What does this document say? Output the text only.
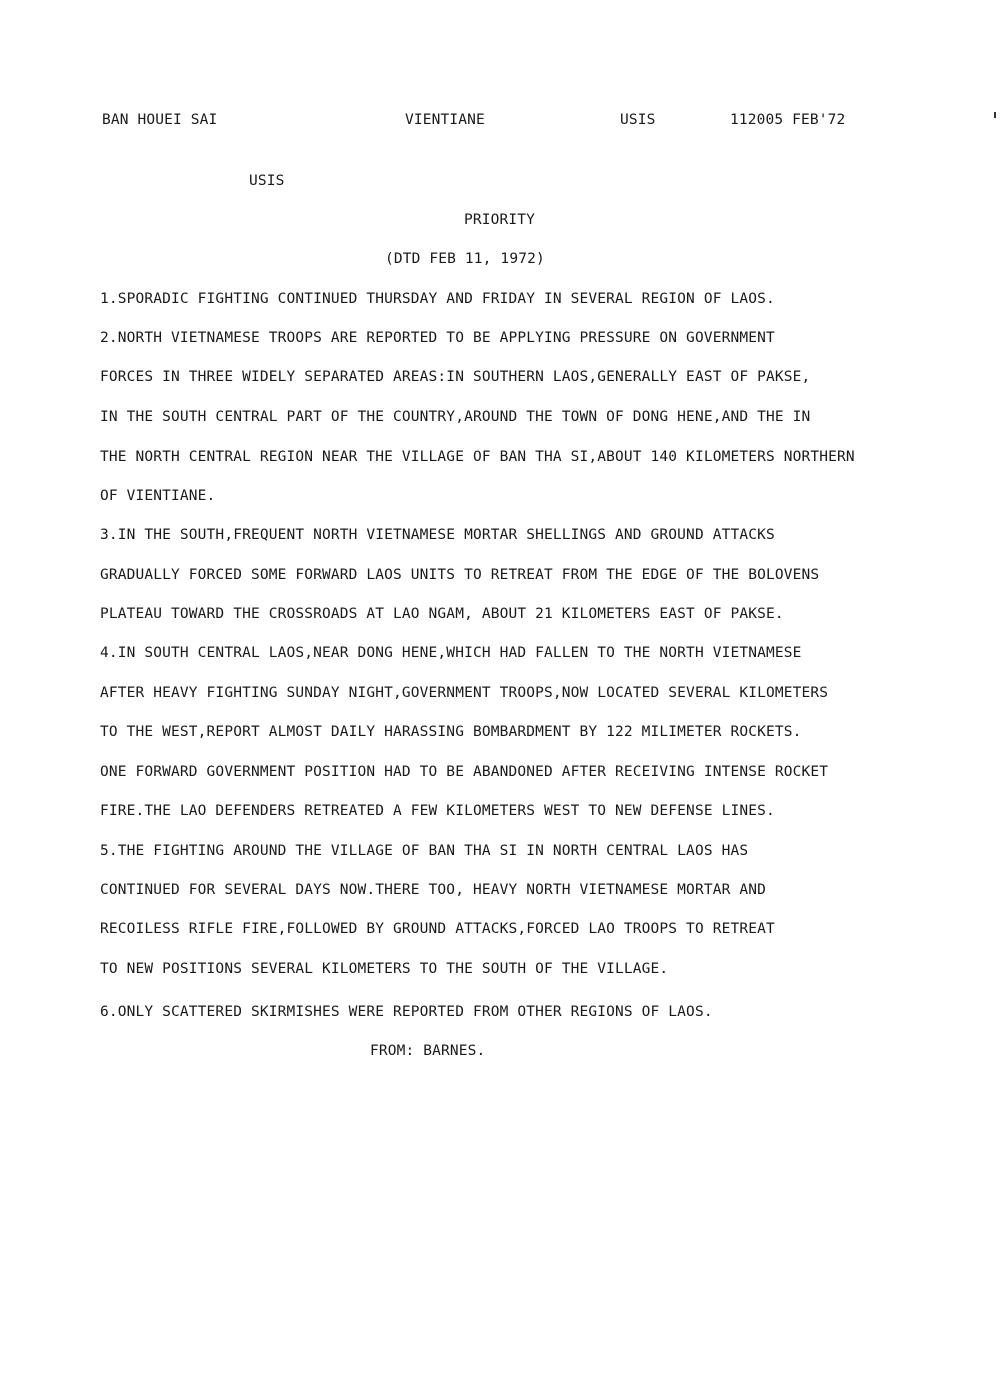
BAN HOUEI SAI	VIENTIANE	USIS	112005 FEB'72
USIS
PRIORITY
(DTD FEB 11, 1972)
1.SPORADIC FIGHTING CONTINUED THURSDAY AND FRIDAY IN SEVERAL REGION OF LAOS.
2.NORTH VIETNAMESE TROOPS ARE REPORTED TO BE APPLYING PRESSURE ON GOVERNMENT
FORCES IN THREE WIDELY SEPARATED AREAS:IN SOUTHERN LAOS,GENERALLY EAST OF PAKSE,
IN THE SOUTH CENTRAL PART OF THE COUNTRY,AROUND THE TOWN OF DONG HENE,AND THE IN
THE NORTH CENTRAL REGION NEAR THE VILLAGE OF BAN THA SI,ABOUT 140 KILOMETERS NORTHERN
OF VIENTIANE.
3.IN THE SOUTH,FREQUENT NORTH VIETNAMESE MORTAR SHELLINGS AND GROUND ATTACKS
GRADUALLY FORCED SOME FORWARD LAOS UNITS TO RETREAT FROM THE EDGE OF THE BOLOVENS
PLATEAU TOWARD THE CROSSROADS AT LAO NGAM, ABOUT 21 KILOMETERS EAST OF PAKSE.
4.IN SOUTH CENTRAL LAOS,NEAR DONG HENE,WHICH HAD FALLEN TO THE NORTH VIETNAMESE
AFTER HEAVY FIGHTING SUNDAY NIGHT,GOVERNMENT TROOPS,NOW LOCATED SEVERAL KILOMETERS
TO THE WEST,REPORT ALMOST DAILY HARASSING BOMBARDMENT BY 122 MILIMETER ROCKETS.
ONE FORWARD GOVERNMENT POSITION HAD TO BE ABANDONED AFTER RECEIVING INTENSE ROCKET
FIRE.THE LAO DEFENDERS RETREATED A FEW KILOMETERS WEST TO NEW DEFENSE LINES.
5.THE FIGHTING AROUND THE VILLAGE OF BAN THA SI IN NORTH CENTRAL LAOS HAS
CONTINUED FOR SEVERAL DAYS NOW.THERE TOO, HEAVY NORTH VIETNAMESE MORTAR AND
RECOILESS RIFLE FIRE,FOLLOWED BY GROUND ATTACKS,FORCED LAO TROOPS TO RETREAT
TO NEW POSITIONS SEVERAL KILOMETERS TO THE SOUTH OF THE VILLAGE.
6.ONLY SCATTERED SKIRMISHES WERE REPORTED FROM OTHER REGIONS OF LAOS.
FROM: BARNES.
